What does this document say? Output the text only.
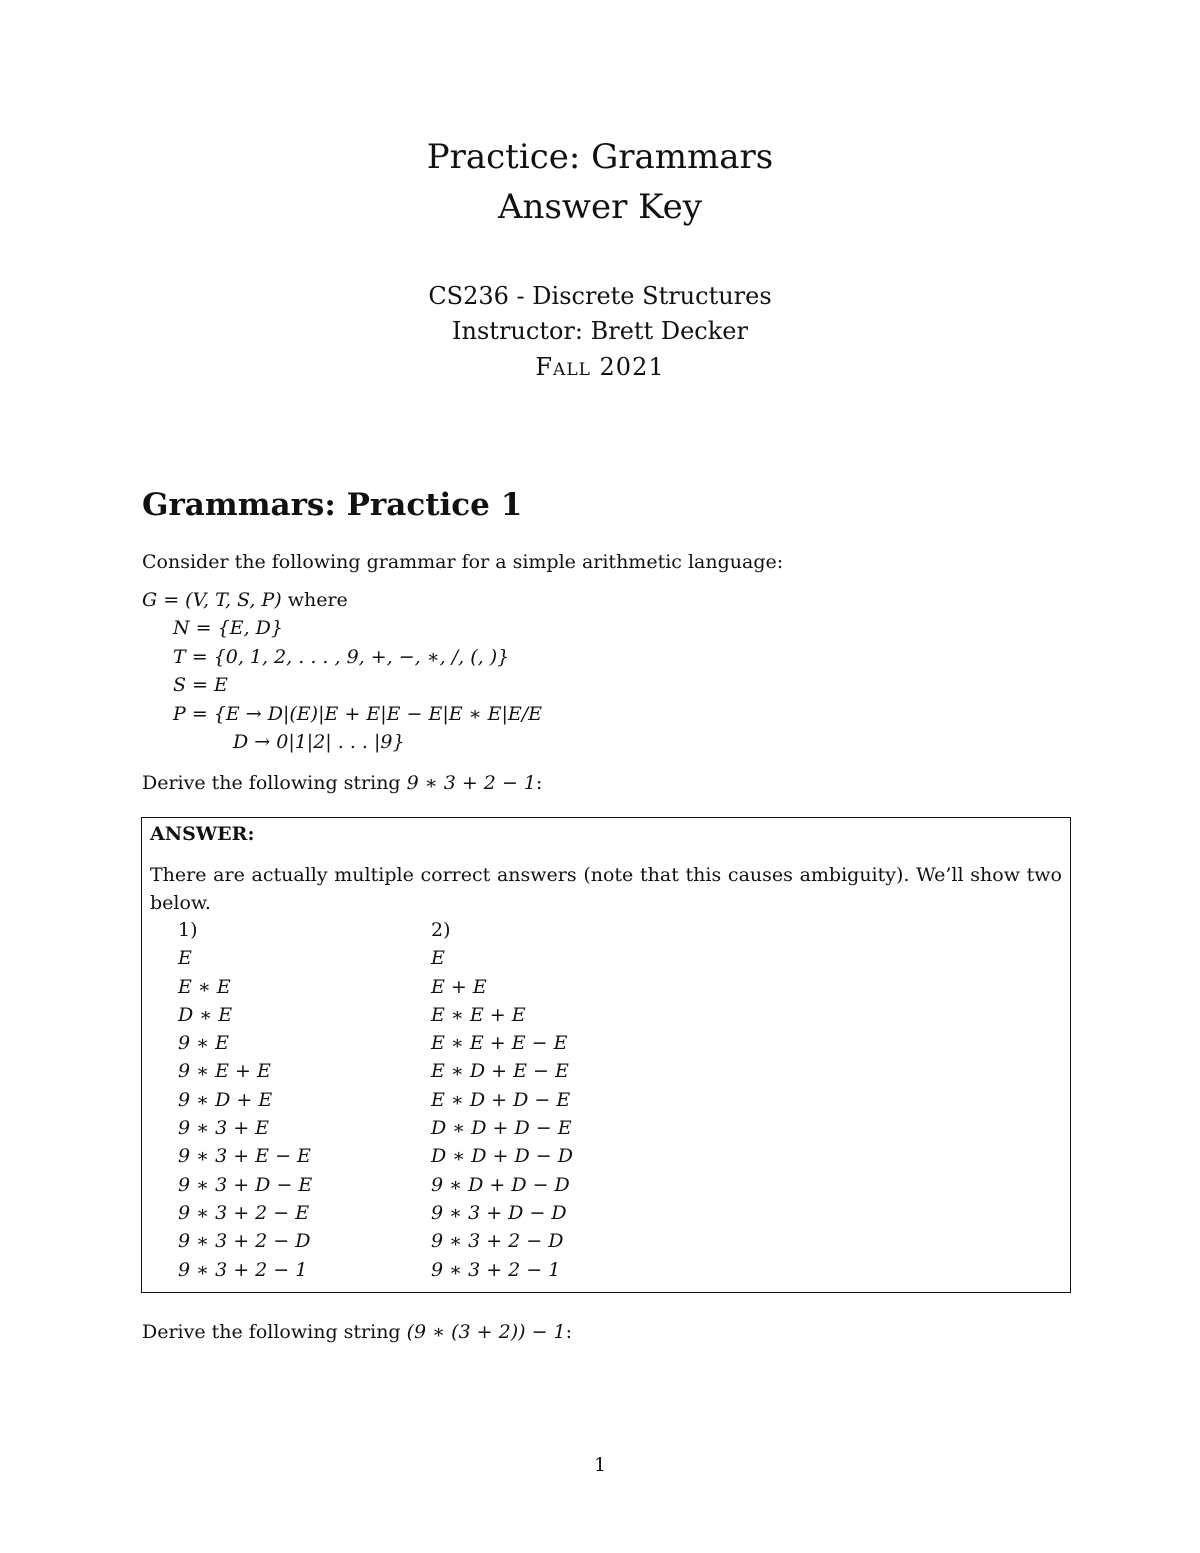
Practice: Grammars
Answer Key
CS236 - Discrete Structures
Instructor: Brett Decker
Fall 2021
Grammars: Practice 1
Consider the following grammar for a simple arithmetic language:
G = (V, T, S, P) where
N = {E, D}
T = {0, 1, 2, . . . , 9, +, −, ∗, /, (, )}
S = E
P = {E → D|(E)|E + E|E − E|E ∗ E|E/E
D → 0|1|2| . . . |9}
Derive the following string 9 ∗ 3 + 2 − 1:
ANSWER:
There are actually multiple correct answers (note that this causes ambiguity). We’ll show two below.
1)
E
E ∗ E
D ∗ E
9 ∗ E
9 ∗ E + E
9 ∗ D + E
9 ∗ 3 + E
9 ∗ 3 + E − E
9 ∗ 3 + D − E
9 ∗ 3 + 2 − E
9 ∗ 3 + 2 − D
9 ∗ 3 + 2 − 1
2)
E
E + E
E ∗ E + E
E ∗ E + E − E
E ∗ D + E − E
E ∗ D + D − E
D ∗ D + D − E
D ∗ D + D − D
9 ∗ D + D − D
9 ∗ 3 + D − D
9 ∗ 3 + 2 − D
9 ∗ 3 + 2 − 1
Derive the following string (9 ∗ (3 + 2)) − 1:
1
